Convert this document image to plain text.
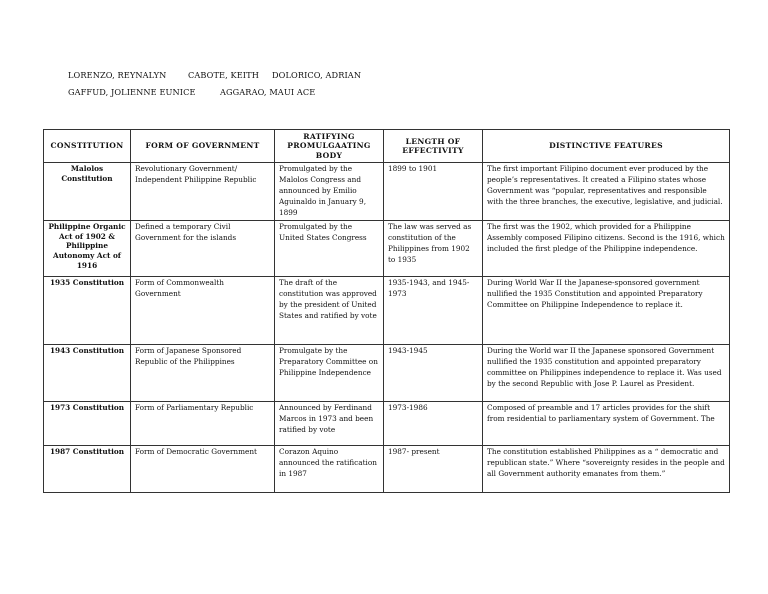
LORENZO, REYNALYN	CABOTE, KEITH DOLORICO, ADRIAN
GAFFUD, JOLIENNE EUNICE	AGGARAO, MAUI ACE
CONSTITUTION	FORM OF GOVERNMENT	RATIFYING PROMULGAATING BODY	LENGTH OF EFFECTIVITY	DISTINCTIVE FEATURES
Malolos Constitution	Revolutionary Government/ Independent Philippine Republic	Promulgated by the Malolos Congress and announced by Emilio Aguinaldo in January 9, 1899	1899 to 1901	The first important Filipino document ever produced by the people’s representatives. It created a Filipino states whose Government was “popular, representatives and responsible with the three branches, the executive, legislative, and judicial.
Philippine Organic Act of 1902 & Philippine Autonomy Act of 1916	Defined a temporary Civil Government for the islands	Promulgated by the United States Congress	The law was served as constitution of the Philippines from 1902 to 1935	The first was the 1902, which provided for a Philippine Assembly composed Filipino citizens. Second is the 1916, which included the first pledge of the Philippine independence.
1935 Constitution	Form of Commonwealth Government	The draft of the constitution was approved by the president of United States and ratified by vote	1935-1943, and 1945-1973	During World War II the Japanese-sponsored government nullified the 1935 Constitution and appointed Preparatory Committee on Philippine Independence to replace it.
1943 Constitution	Form of Japanese Sponsored Republic of the Philippines	Promulgate by the Preparatory Committee on Philippine Independence	1943-1945	During the World war II the Japanese sponsored Government nullified the 1935 constitution and appointed preparatory committee on Philippines independence to replace it. Was used by the second Republic with Jose P. Laurel as President.
1973 Constitution	Form of Parliamentary Republic	Announced by Ferdinand Marcos in 1973 and been ratified by vote	1973-1986	Composed of preamble and 17 articles provides for the shift from residential to parliamentary system of Government. The
1987 Constitution	Form of Democratic Government	Corazon Aquino announced the ratification in 1987	1987- present	The constitution established Philippines as a “ democratic and republican state.” Where “sovereignty resides in the people and all Government authority emanates from them.”
